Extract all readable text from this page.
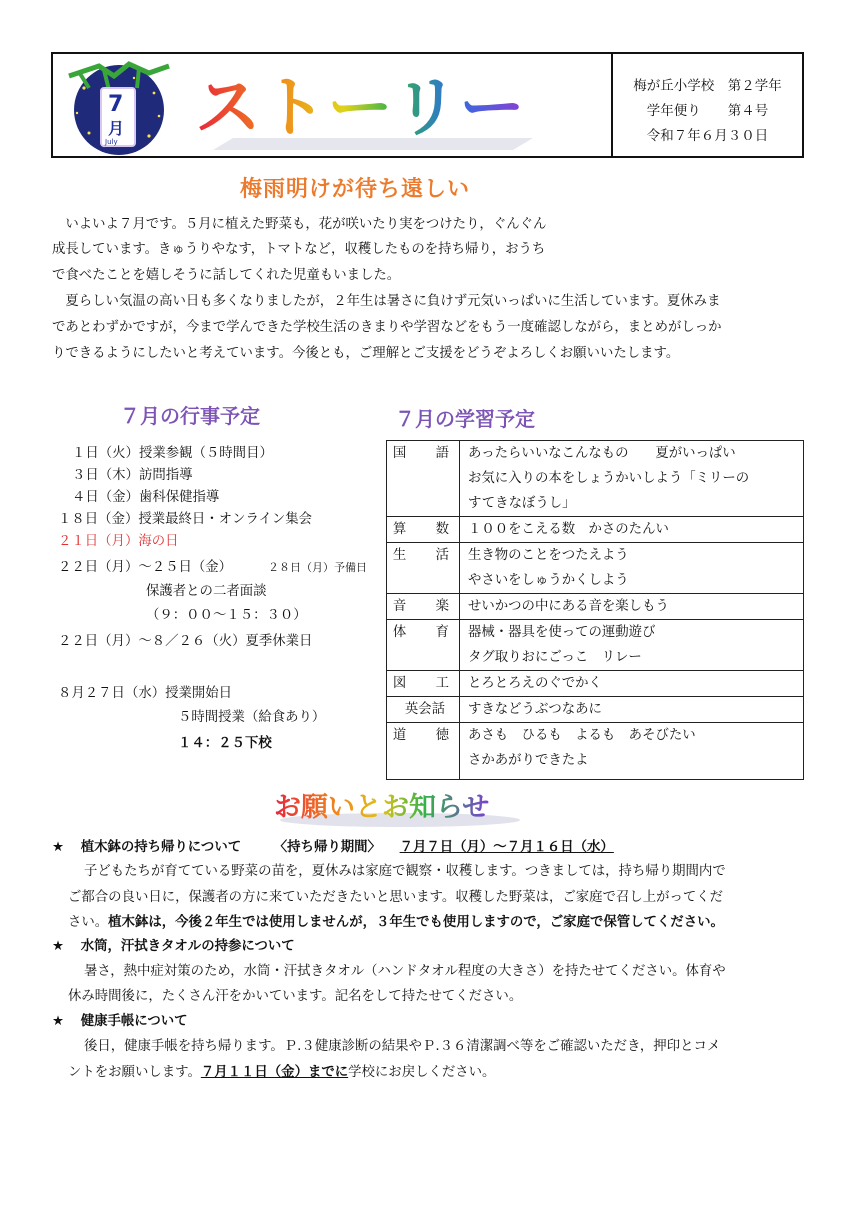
7
月
July ストーリー	梅が丘小学校　第２学年
学年便り　　第４号
令和７年６月３０日
梅雨明けが待ち遠しい
　いよいよ７月です。５月に植えた野菜も，花が咲いたり実をつけたり，ぐんぐん
成長しています。きゅうりやなす，トマトなど，収穫したものを持ち帰り，おうち
で食べたことを嬉しそうに話してくれた児童もいました。
　夏らしい気温の高い日も多くなりましたが，２年生は暑さに負けず元気いっぱいに生活しています。夏休みま
であとわずかですが，今まで学んできた学校生活のきまりや学習などをもう一度確認しながら，まとめがしっか
りできるようにしたいと考えています。今後とも，ご理解とご支援をどうぞよろしくお願いいたします。
７月の行事予定
１日（火）授業参観（５時間目）
３日（木）訪問指導
４日（金）歯科保健指導
１８日（金）授業最終日・オンライン集会
２１日（月）海の日
２２日（月）～２５日（金）	２８日（月）予備日
保護者との二者面談
（９：００～１５：３０）
２２日（月）～８／２６（火）夏季休業日
８月２７日（水）授業開始日
５時間授業（給食あり）
１４：２５下校
７月の学習予定
国　語	あったらいいなこんなもの　　夏がいっぱい
お気に入りの本をしょうかいしよう「ミリーの
すてきなぼうし」

算　数	１００をこえる数　かさのたんい

生　活	生き物のことをつたえよう
やさいをしゅうかくしよう

音　楽	せいかつの中にある音を楽しもう

体　育	器械・器具を使っての運動遊び
タグ取りおにごっこ　リレー

図　工	とろとろえのぐでかく

英会話	すきなどうぶつなあに

道　徳	あさも　ひるも　よるも　あそびたい
さかあがりできたよ
お願いとお知らせ
★ 植木鉢の持ち帰りについて 〈持ち帰り期間〉 ７月７日（月）～７月１６日（水）
子どもたちが育てている野菜の苗を，夏休みは家庭で観察・収穫します。つきましては，持ち帰り期間内で
ご都合の良い日に，保護者の方に来ていただきたいと思います。収穫した野菜は，ご家庭で召し上がってくだ
さい。植木鉢は，今後２年生では使用しませんが，３年生でも使用しますので，ご家庭で保管してください。
★ 水筒，汗拭きタオルの持参について
暑さ，熱中症対策のため，水筒・汗拭きタオル（ハンドタオル程度の大きさ）を持たせてください。体育や
休み時間後に，たくさん汗をかいています。記名をして持たせてください。
★ 健康手帳について
後日，健康手帳を持ち帰ります。Ｐ.３健康診断の結果やＰ.３６清潔調べ等をご確認いただき，押印とコメ
ントをお願いします。７月１１日（金）までに学校にお戻しください。
